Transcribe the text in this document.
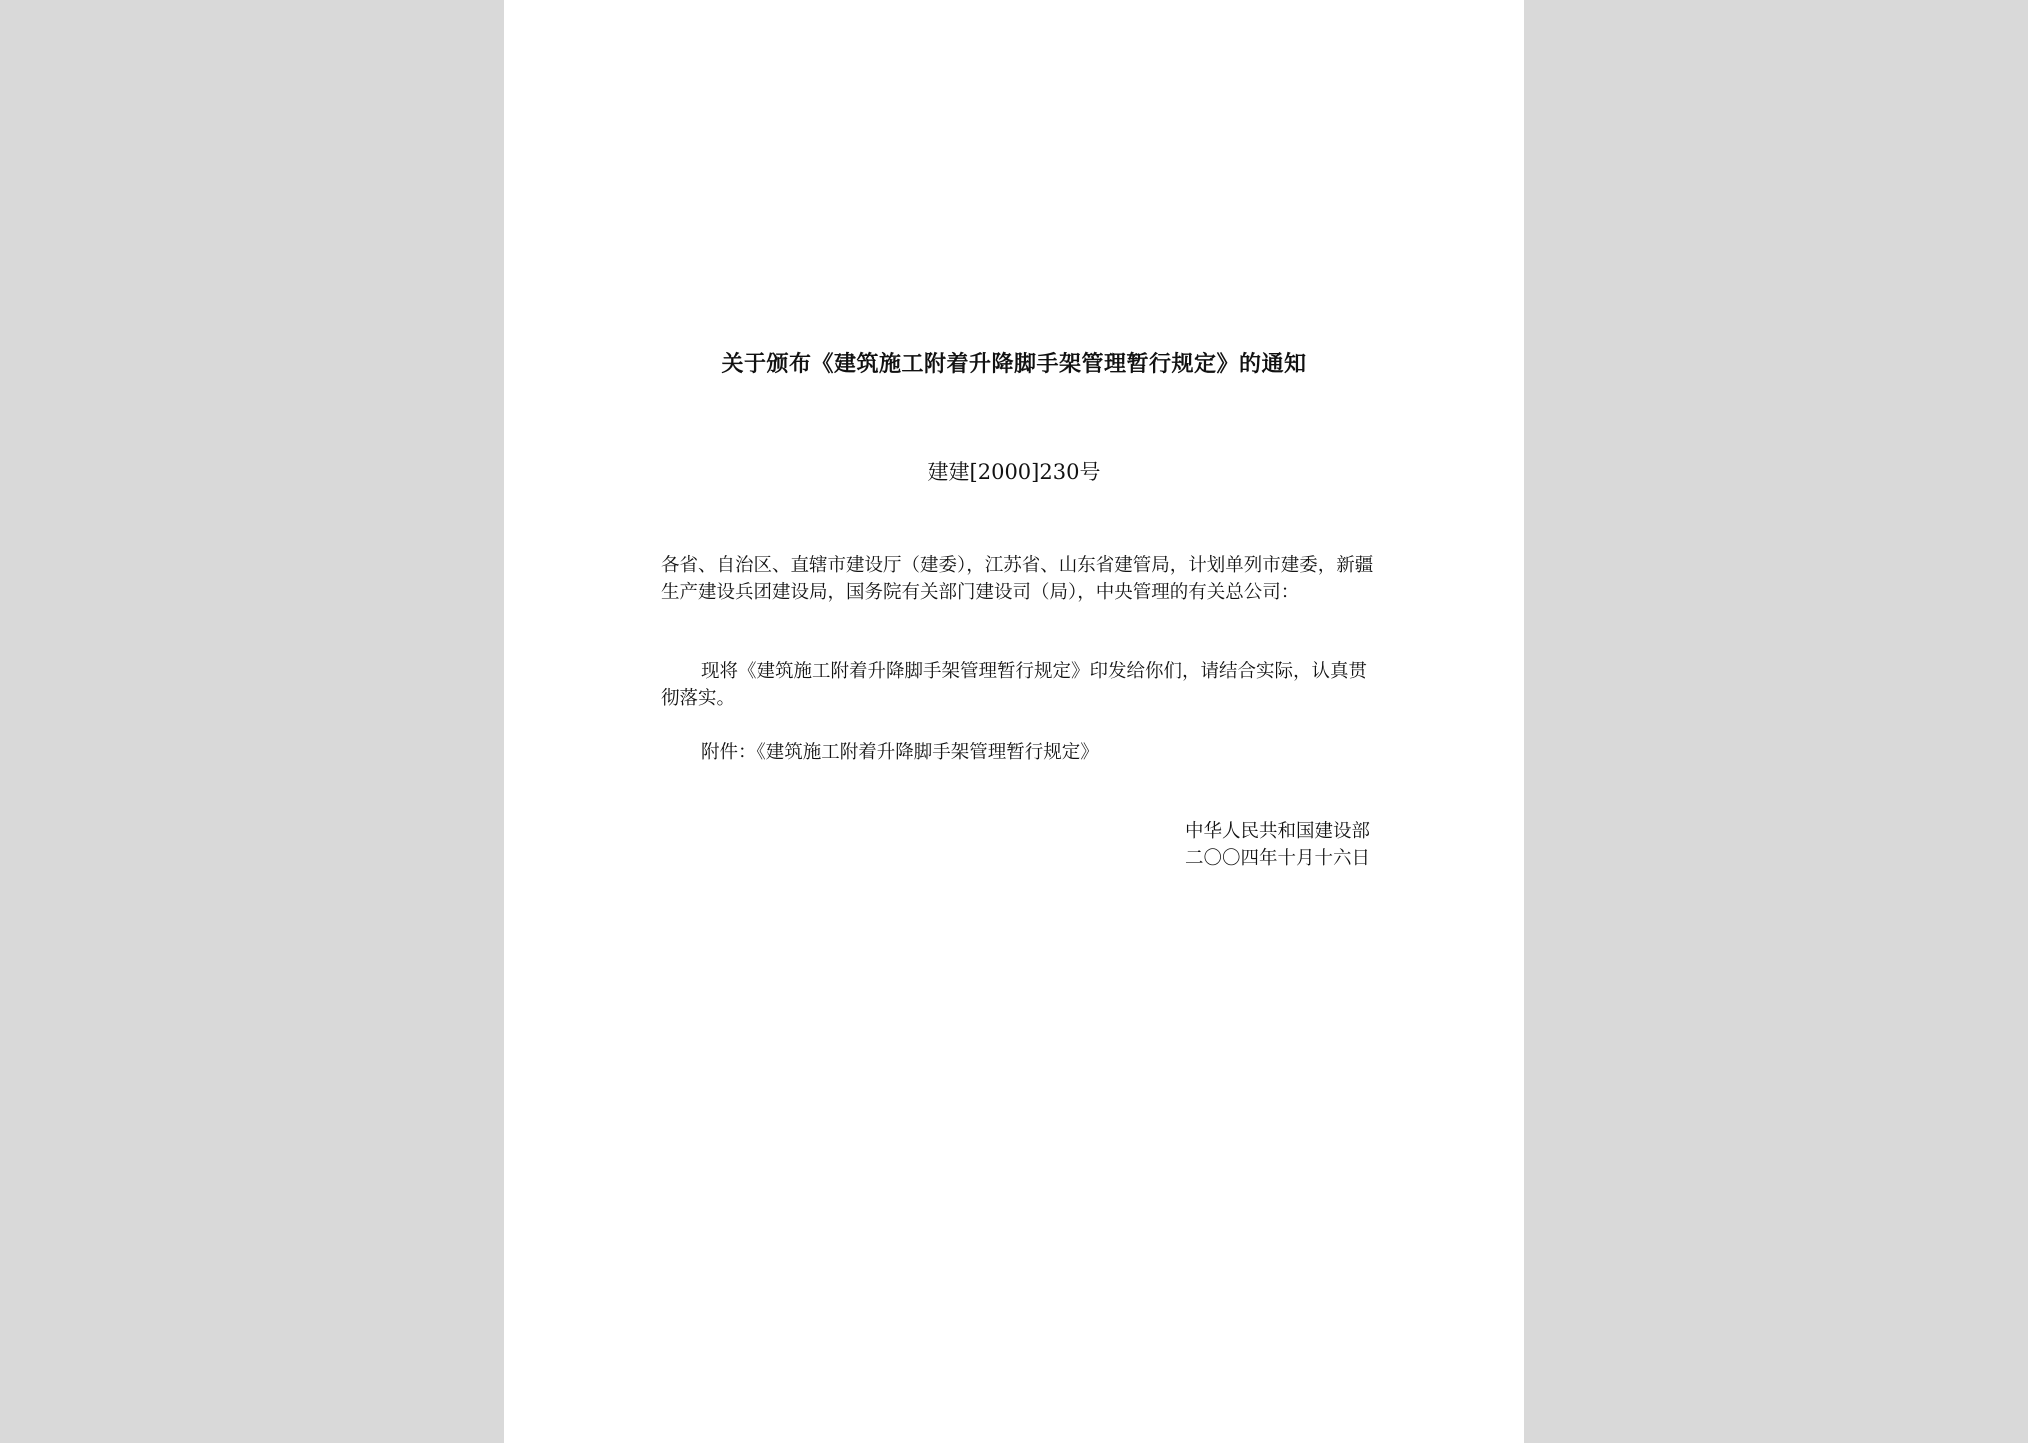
关于颁布《建筑施工附着升降脚手架管理暂行规定》的通知
建建[2000]230号
各省、自治区、直辖市建设厅（建委），江苏省、山东省建管局，计划单列市建委，新疆生产建设兵团建设局，国务院有关部门建设司（局），中央管理的有关总公司：
现将《建筑施工附着升降脚手架管理暂行规定》印发给你们，请结合实际，认真贯彻落实。
附件：《建筑施工附着升降脚手架管理暂行规定》
中华人民共和国建设部
二〇〇四年十月十六日
